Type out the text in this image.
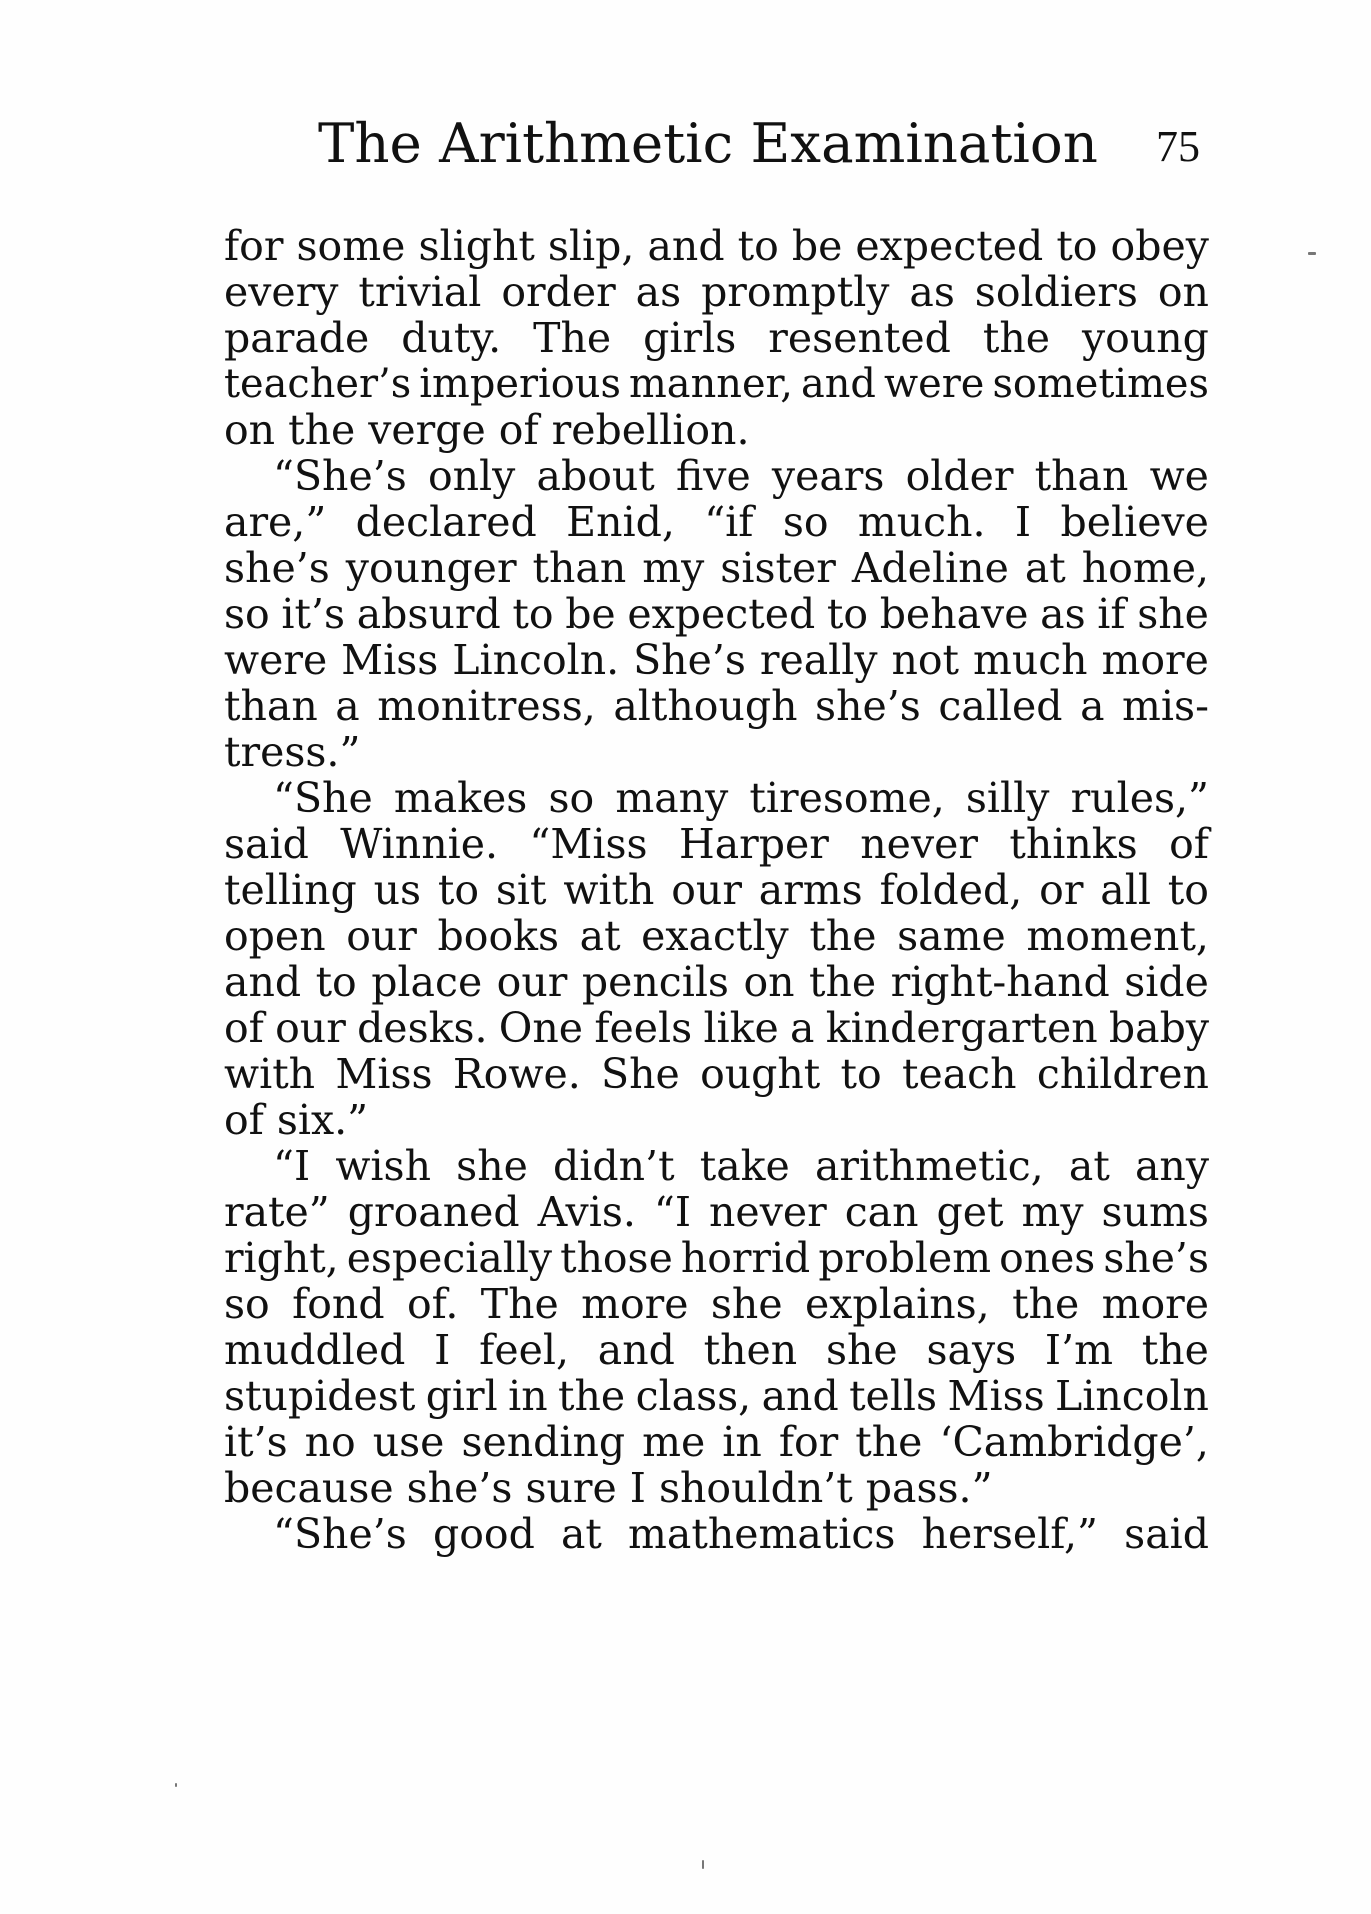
The Arithmetic Examination 75
for some slight slip, and to be expected to obey
every trivial order as promptly as soldiers on
parade duty. The girls resented the young
teacher’s imperious manner, and were sometimes
on the verge of rebellion.
“She’s only about five years older than we
are,” declared Enid, “if so much. I believe
she’s younger than my sister Adeline at home,
so it’s absurd to be expected to behave as if she
were Miss Lincoln. She’s really not much more
than a monitress, although she’s called a mis-
tress.”
“She makes so many tiresome, silly rules,”
said Winnie. “Miss Harper never thinks of
telling us to sit with our arms folded, or all to
open our books at exactly the same moment,
and to place our pencils on the right-hand side
of our desks. One feels like a kindergarten baby
with Miss Rowe. She ought to teach children
of six.”
“I wish she didn’t take arithmetic, at any
rate” groaned Avis. “I never can get my sums
right, especially those horrid problem ones she’s
so fond of. The more she explains, the more
muddled I feel, and then she says I’m the
stupidest girl in the class, and tells Miss Lincoln
it’s no use sending me in for the ‘Cambridge’,
because she’s sure I shouldn’t pass.”
“She’s good at mathematics herself,” said
